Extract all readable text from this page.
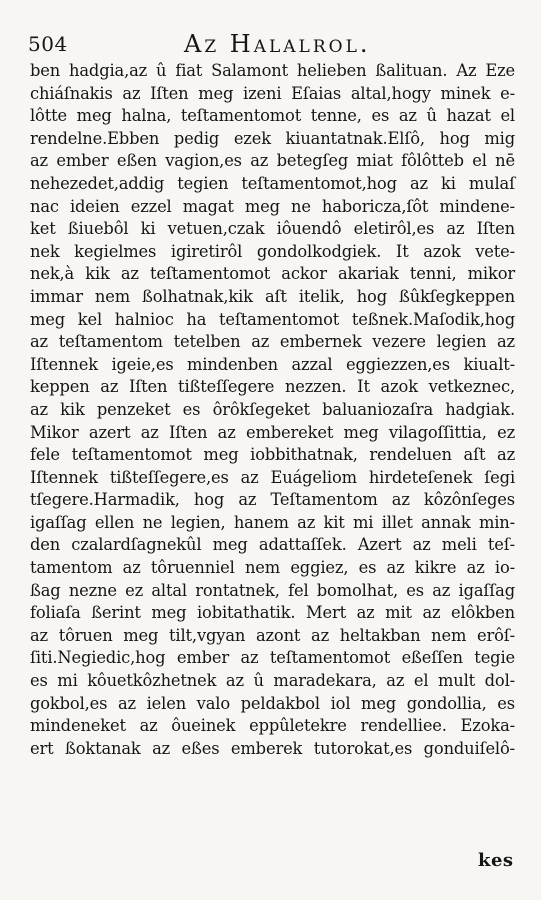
504	Az Halalrol.
ben hadgia,az û fiat Salamont helieben ßalituan. Az Eze
chiáſnakis az Iſten meg izeni Eſaias altal,hogy minek e-
lôtte meg halna, teſtamentomot tenne, es az û hazat el
rendelne.Ebben pedig ezek kiuantatnak.Elſô, hog mig
az ember eßen vagion,es az betegſeg miat fôlôtteb el nē
nehezedet,addig tegien teſtamentomot,hog az ki mulaſ
nac ideien ezzel magat meg ne haboricza,ſôt mindene-
ket ßiuebôl ki vetuen,czak iôuendô eletirôl,es az Iſten
nek kegielmes igiretirôl gondolkodgiek. It azok vete-
nek,à kik az teſtamentomot ackor akariak tenni, mikor
immar nem ßolhatnak,kik aſt itelik, hog ßûkſegkeppen
meg kel halnioc ha teſtamentomot teßnek.Maſodik,hog
az teſtamentom tetelben az embernek vezere legien az
Iſtennek igeie,es mindenben azzal eggiezzen,es kiualt-
keppen az Iſten tißteſſegere nezzen. It azok vetkeznec,
az kik penzeket es ôrôkſegeket baluaniozaſra hadgiak.
Mikor azert az Iſten az embereket meg vilagoſſittia, ez
fele teſtamentomot meg iobbithatnak, rendeluen aſt az
Iſtennek tißteſſegere,es az Euágeliom hirdeteſenek ſegi
tſegere.Harmadik, hog az Teſtamentom az kôzônſeges
igaſſag ellen ne legien, hanem az kit mi illet annak min-
den czalardſagnekûl meg adattaſſek. Azert az meli teſ-
tamentom az tôruenniel nem eggiez, es az kikre az io-
ßag nezne ez altal rontatnek, fel bomolhat, es az igaſſag
foliaſa ßerint meg iobitathatik. Mert az mit az elôkben
az tôruen meg tilt,vgyan azont az heltakban nem erôſ-
ſiti.Negiedic,hog ember az teſtamentomot eßeſſen tegie
es mi kôuetkôzhetnek az û maradekara, az el mult dol-
gokbol,es az ielen valo peldakbol iol meg gondollia, es
mindeneket az ôueinek eppûletekre rendelliee. Ezoka-
ert ßoktanak az eßes emberek tutorokat,es gonduiſelô-
kes
